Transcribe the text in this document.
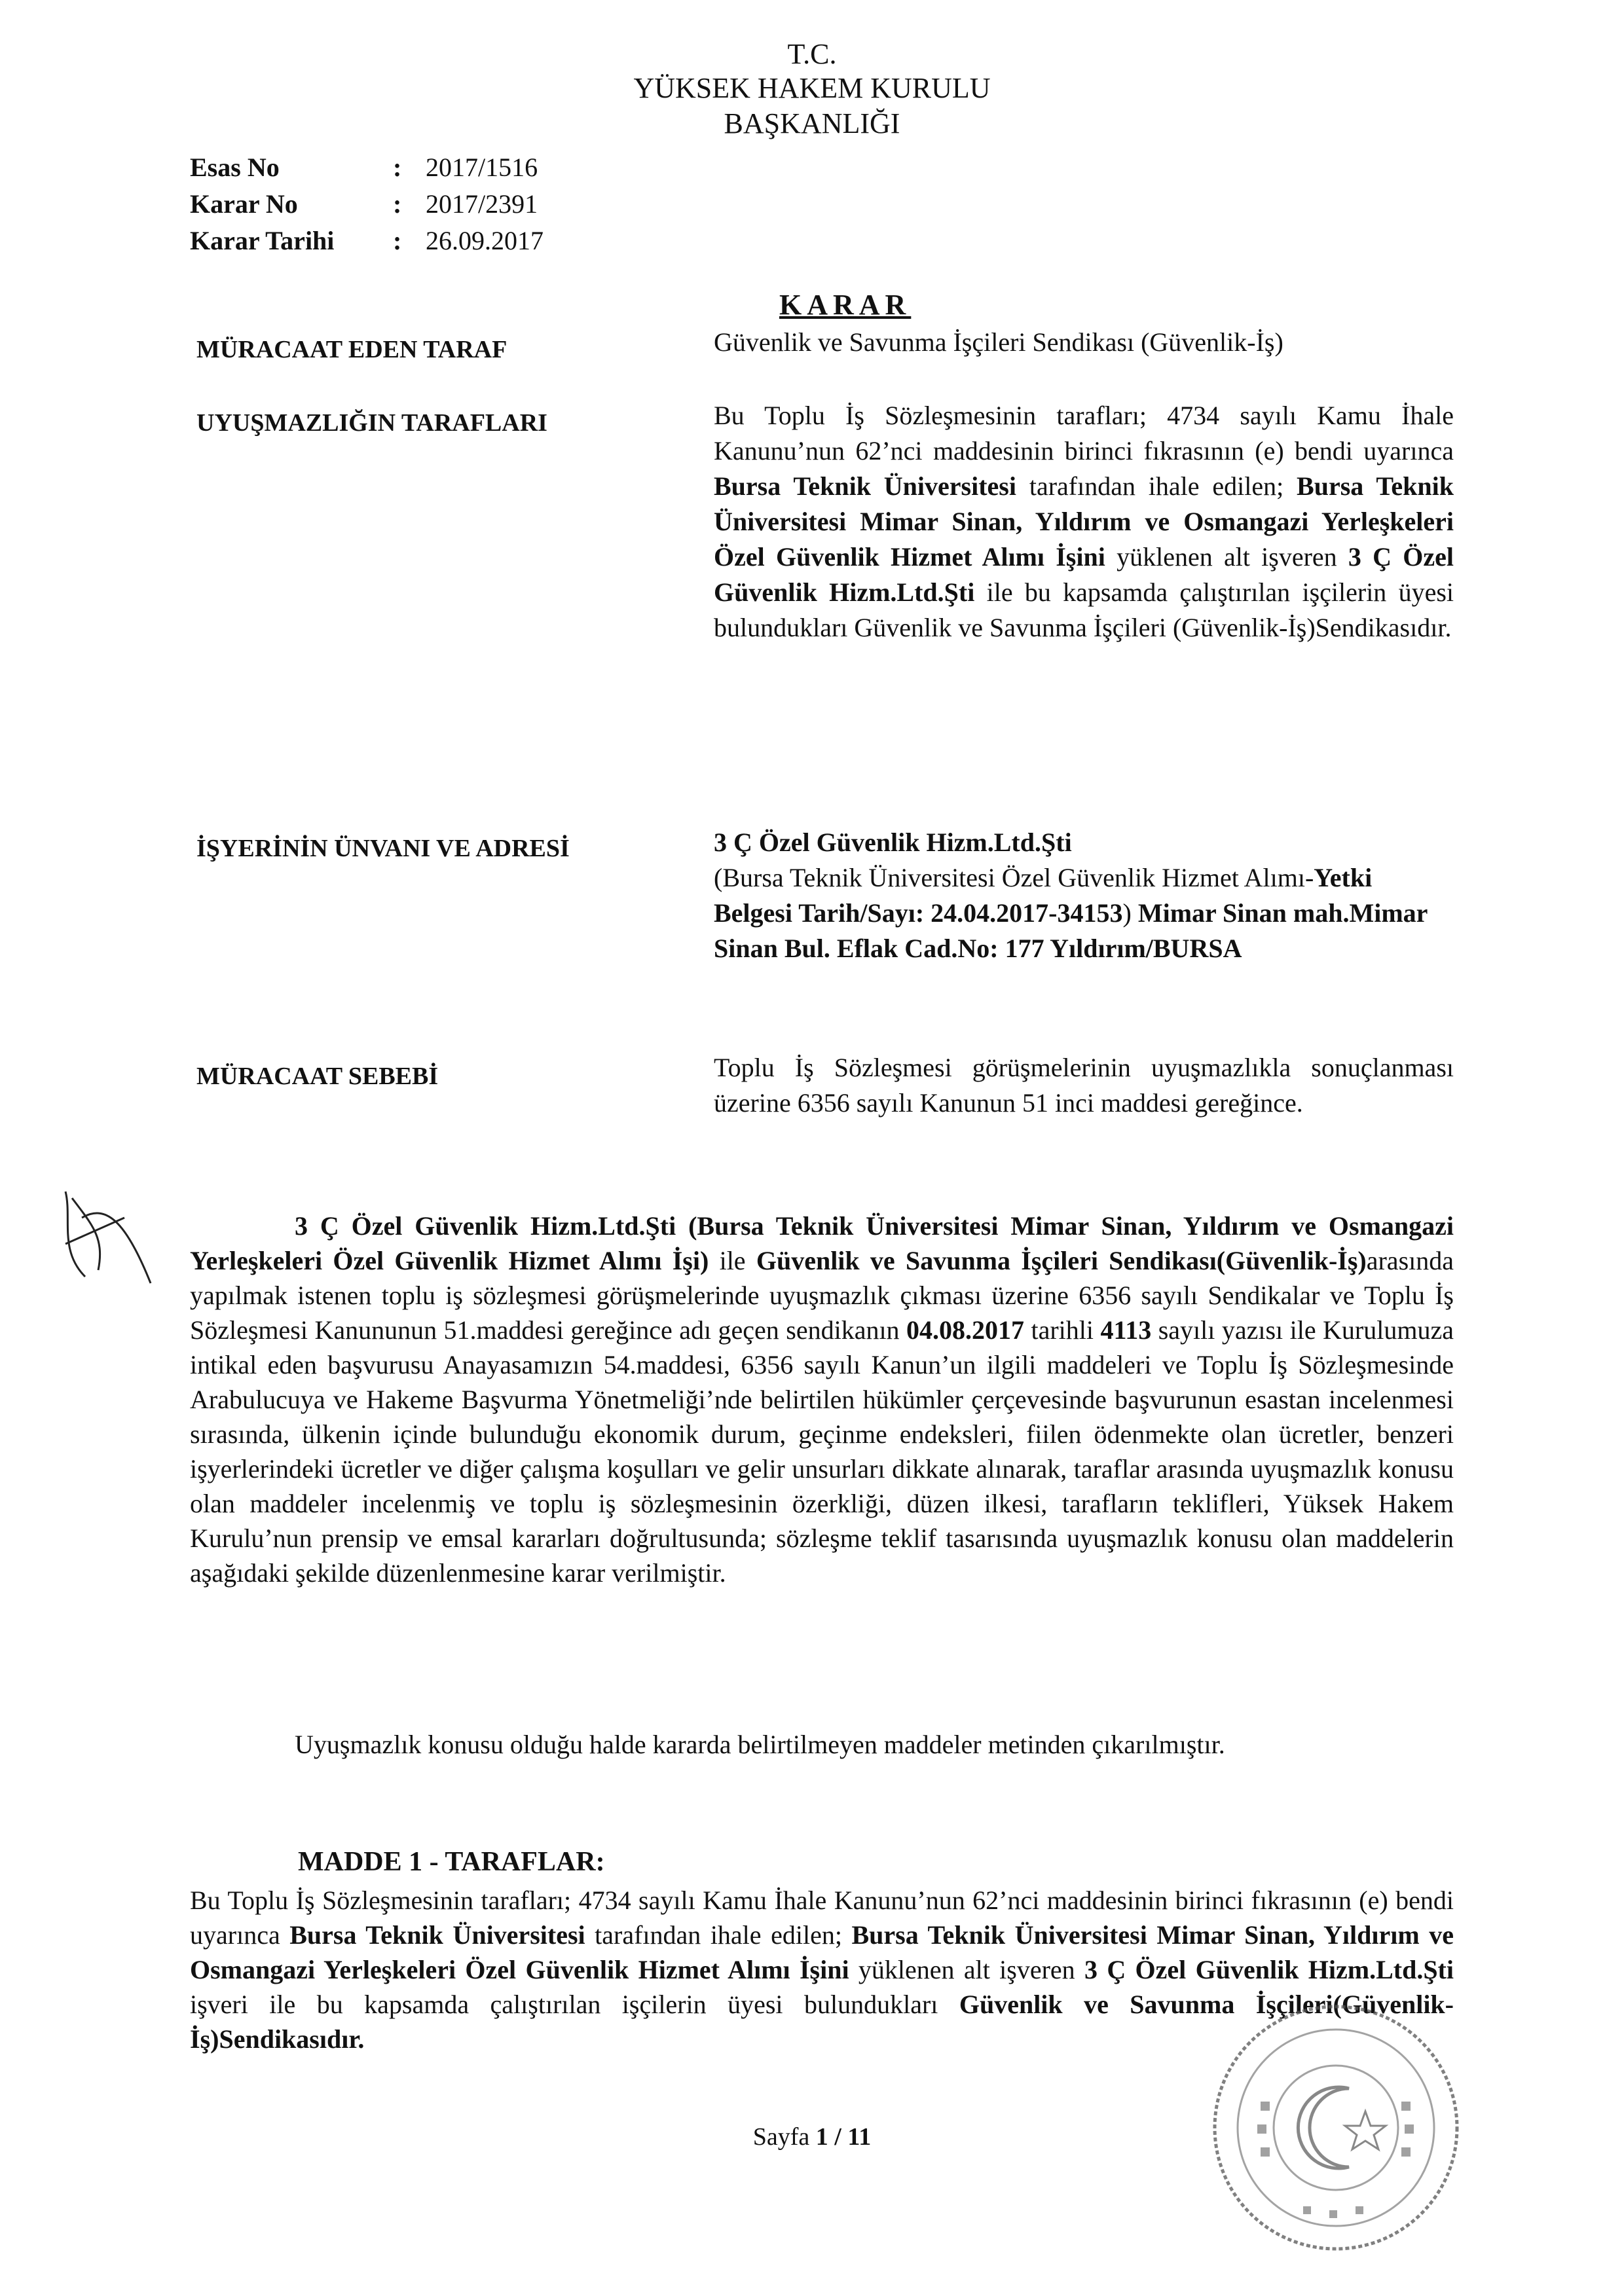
T.C.
YÜKSEK HAKEM KURULU
BAŞKANLIĞI
Esas No	: 2017/1516
Karar No	: 2017/2391
Karar Tarihi : 26.09.2017
KARAR
MÜRACAAT EDEN TARAF	Güvenlik ve Savunma İşçileri Sendikası (Güvenlik-İş)
UYUŞMAZLIĞIN TARAFLARI	Bu Toplu İş Sözleşmesinin tarafları; 4734 sayılı Kamu İhale Kanunu’nun 62’nci maddesinin birinci fıkrasının (e) bendi uyarınca Bursa Teknik Üniversitesi tarafından ihale edilen; Bursa Teknik Üniversitesi Mimar Sinan, Yıldırım ve Osmangazi Yerleşkeleri Özel Güvenlik Hizmet Alımı İşini yüklenen alt işveren 3 Ç Özel Güvenlik Hizm.Ltd.Şti ile bu kapsamda çalıştırılan işçilerin üyesi bulundukları Güvenlik ve Savunma İşçileri (Güvenlik-İş)Sendikasıdır.
İŞYERİNİN ÜNVANI VE ADRESİ	3 Ç Özel Güvenlik Hizm.Ltd.Şti
(Bursa Teknik Üniversitesi Özel Güvenlik Hizmet Alımı-Yetki Belgesi Tarih/Sayı: 24.04.2017-34153) Mimar Sinan mah.Mimar Sinan Bul. Eflak Cad.No: 177 Yıldırım/BURSA
MÜRACAAT SEBEBİ	Toplu İş Sözleşmesi görüşmelerinin uyuşmazlıkla sonuçlanması üzerine 6356 sayılı Kanunun 51 inci maddesi gereğince.
3 Ç Özel Güvenlik Hizm.Ltd.Şti (Bursa Teknik Üniversitesi Mimar Sinan, Yıldırım ve Osmangazi Yerleşkeleri Özel Güvenlik Hizmet Alımı İşi) ile Güvenlik ve Savunma İşçileri Sendikası(Güvenlik-İş)arasında yapılmak istenen toplu iş sözleşmesi görüşmelerinde uyuşmazlık çıkması üzerine 6356 sayılı Sendikalar ve Toplu İş Sözleşmesi Kanununun 51.maddesi gereğince adı geçen sendikanın 04.08.2017 tarihli 4113 sayılı yazısı ile Kurulumuza intikal eden başvurusu Anayasamızın 54.maddesi, 6356 sayılı Kanun’un ilgili maddeleri ve Toplu İş Sözleşmesinde Arabulucuya ve Hakeme Başvurma Yönetmeliği’nde belirtilen hükümler çerçevesinde başvurunun esastan incelenmesi sırasında, ülkenin içinde bulunduğu ekonomik durum, geçinme endeksleri, fiilen ödenmekte olan ücretler, benzeri işyerlerindeki ücretler ve diğer çalışma koşulları ve gelir unsurları dikkate alınarak, taraflar arasında uyuşmazlık konusu olan maddeler incelenmiş ve toplu iş sözleşmesinin özerkliği, düzen ilkesi, tarafların teklifleri, Yüksek Hakem Kurulu’nun prensip ve emsal kararları doğrultusunda; sözleşme teklif tasarısında uyuşmazlık konusu olan maddelerin aşağıdaki şekilde düzenlenmesine karar verilmiştir.
Uyuşmazlık konusu olduğu halde kararda belirtilmeyen maddeler metinden çıkarılmıştır.
MADDE 1 - TARAFLAR:
Bu Toplu İş Sözleşmesinin tarafları; 4734 sayılı Kamu İhale Kanunu’nun 62’nci maddesinin birinci fıkrasının (e) bendi uyarınca Bursa Teknik Üniversitesi tarafından ihale edilen; Bursa Teknik Üniversitesi Mimar Sinan, Yıldırım ve Osmangazi Yerleşkeleri Özel Güvenlik Hizmet Alımı İşini yüklenen alt işveren 3 Ç Özel Güvenlik Hizm.Ltd.Şti işveri ile bu kapsamda çalıştırılan işçilerin üyesi bulundukları Güvenlik ve Savunma İşçileri(Güvenlik-İş)Sendikasıdır.
Sayfa 1 / 11
